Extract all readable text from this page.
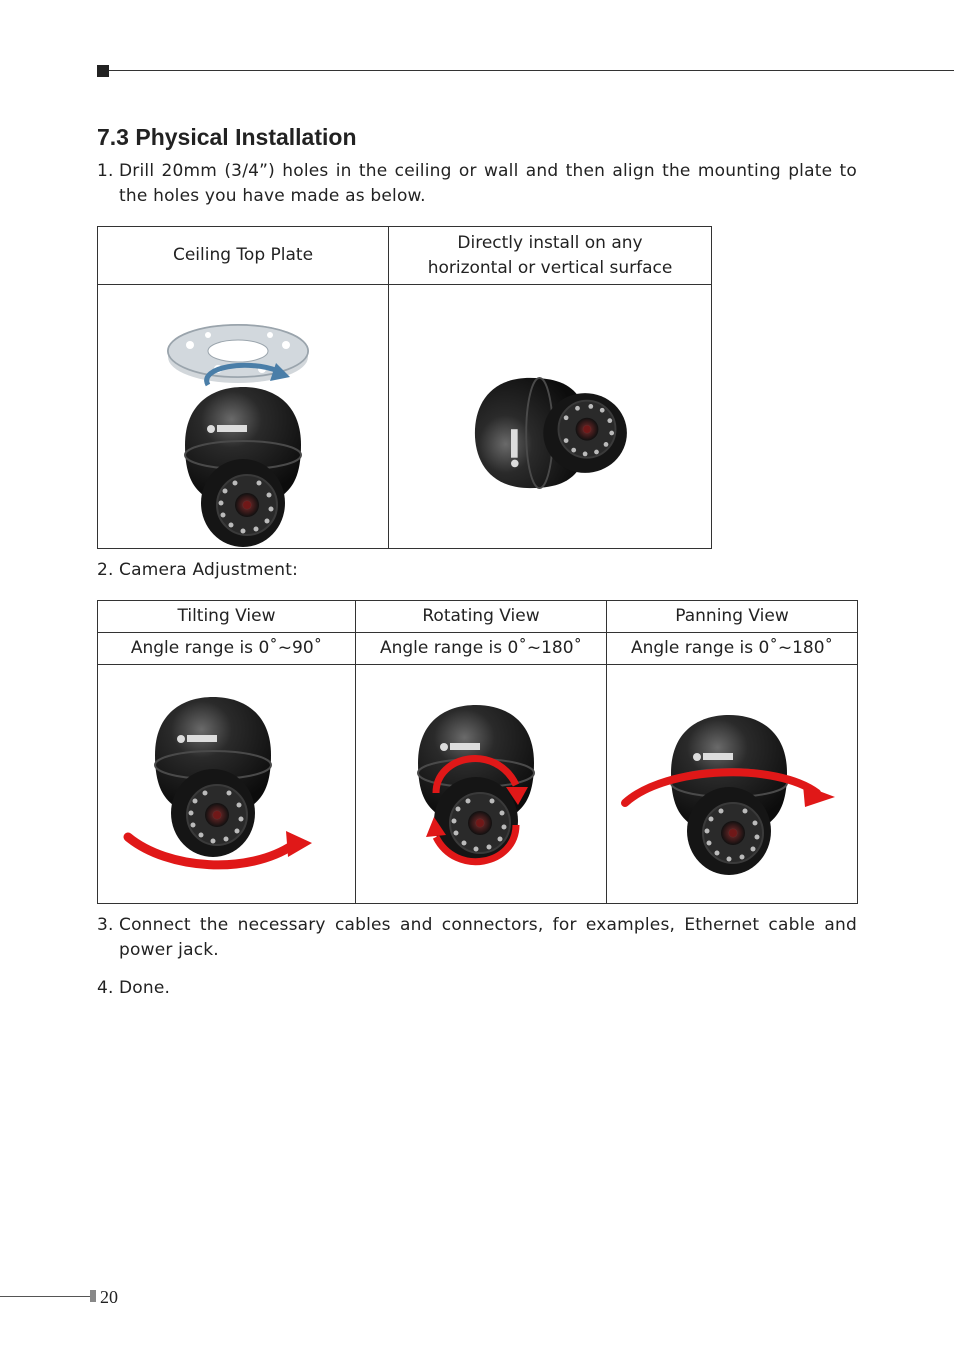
7.3 Physical Installation
1. Drill 20mm (3/4”) holes in the ceiling or wall and then align the mounting plate to the holes you have made as below.
Ceiling Top Plate	Directly install on any
horizontal or vertical surface

2. Camera Adjustment:
Tilting View	Rotating View	Panning View
Angle range is 0˚~90˚	Angle range is 0˚~180˚	Angle range is 0˚~180˚

3. Connect the necessary cables and connectors, for examples, Ethernet cable and power jack.
4. Done.
20
